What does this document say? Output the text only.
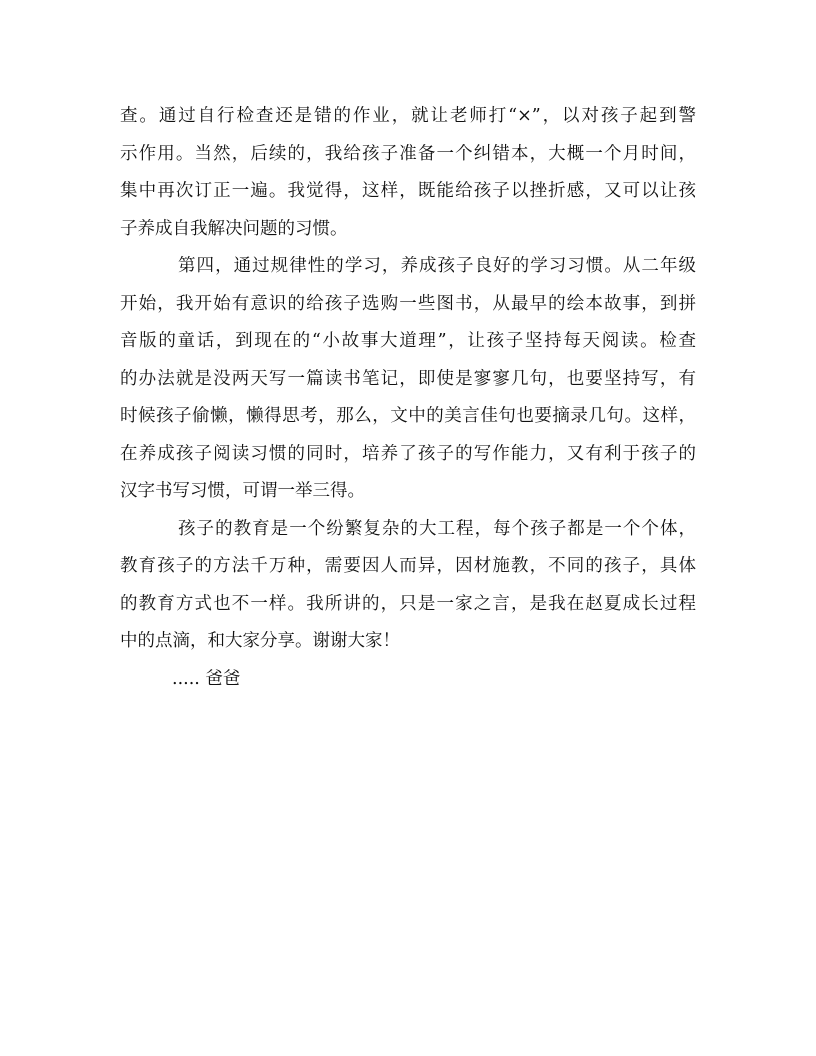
查。通过自行检查还是错的作业，就让老师打“×”，以对孩子起到警
示作用。当然，后续的，我给孩子准备一个纠错本，大概一个月时间，
集中再次订正一遍。我觉得，这样，既能给孩子以挫折感，又可以让孩
子养成自我解决问题的习惯。
第四，通过规律性的学习，养成孩子良好的学习习惯。从二年级
开始，我开始有意识的给孩子选购一些图书，从最早的绘本故事，到拼
音版的童话，到现在的“小故事大道理”，让孩子坚持每天阅读。检查
的办法就是没两天写一篇读书笔记，即使是寥寥几句，也要坚持写，有
时候孩子偷懒，懒得思考，那么，文中的美言佳句也要摘录几句。这样，
在养成孩子阅读习惯的同时，培养了孩子的写作能力，又有利于孩子的
汉字书写习惯，可谓一举三得。
孩子的教育是一个纷繁复杂的大工程，每个孩子都是一个个体，
教育孩子的方法千万种，需要因人而异，因材施教，不同的孩子，具体
的教育方式也不一样。我所讲的，只是一家之言，是我在赵夏成长过程
中的点滴，和大家分享。谢谢大家！
..... 爸爸
